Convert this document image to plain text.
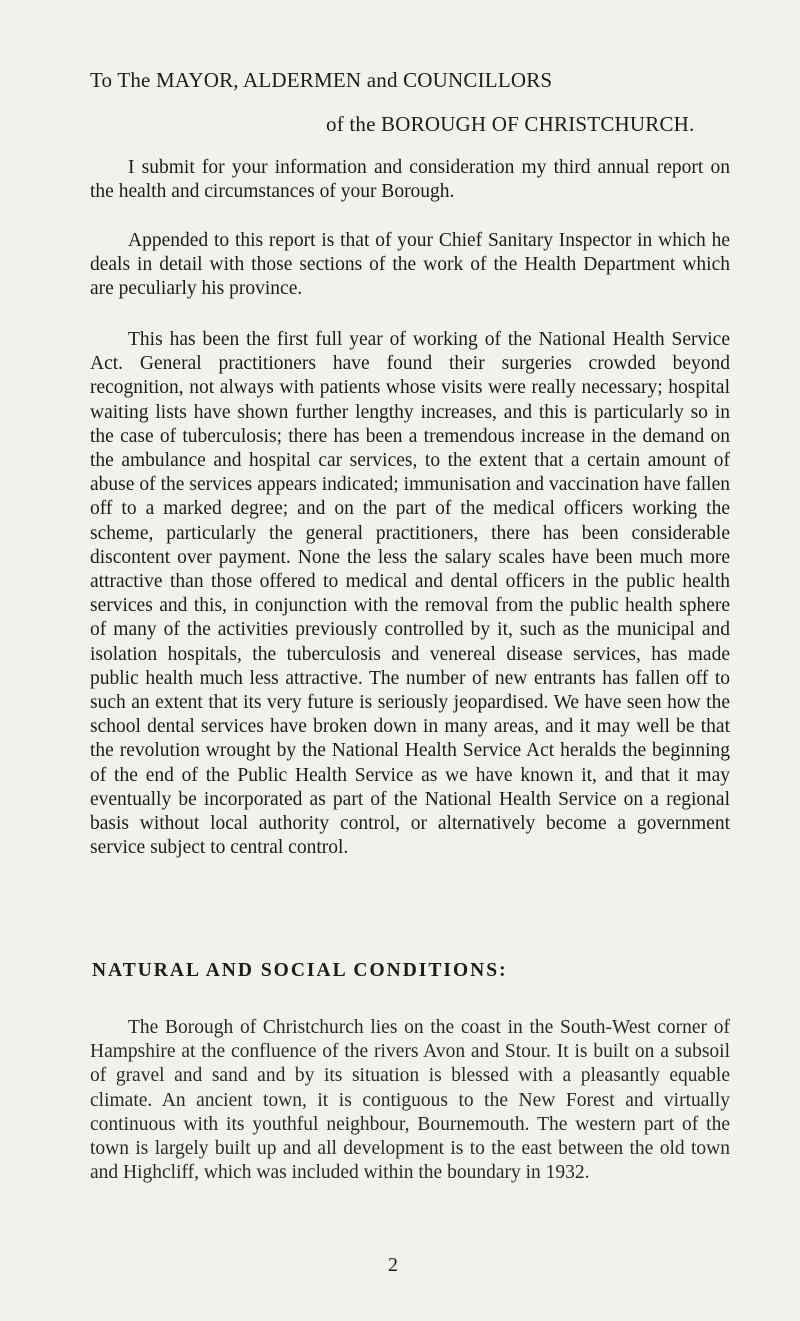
To The MAYOR, ALDERMEN and COUNCILLORS
of the BOROUGH OF CHRISTCHURCH.

I submit for your information and consideration my third annual report on the health and circumstances of your Borough.

Appended to this report is that of your Chief Sanitary Inspector in which he deals in detail with those sections of the work of the Health Department which are peculiarly his province.

This has been the first full year of working of the National Health Service Act. General practitioners have found their surgeries crowded beyond recognition, not always with patients whose visits were really necessary; hospital waiting lists have shown further lengthy increases, and this is particularly so in the case of tuberculosis; there has been a tremendous increase in the demand on the ambulance and hospital car services, to the extent that a certain amount of abuse of the services appears indicated; immunisation and vaccination have fallen off to a marked degree; and on the part of the medical officers working the scheme, particularly the general practitioners, there has been considerable discontent over payment. None the less the salary scales have been much more attractive than those offered to medical and dental officers in the public health services and this, in conjunction with the removal from the public health sphere of many of the activities previously controlled by it, such as the municipal and isolation hospitals, the tuberculosis and venereal disease services, has made public health much less attractive. The number of new entrants has fallen off to such an extent that its very future is seriously jeopardised. We have seen how the school dental services have broken down in many areas, and it may well be that the revolution wrought by the National Health Service Act heralds the beginning of the end of the Public Health Service as we have known it, and that it may eventually be incorporated as part of the National Health Service on a regional basis without local authority control, or alternatively become a government service subject to central control.

NATURAL AND SOCIAL CONDITIONS:

The Borough of Christchurch lies on the coast in the South-West corner of Hampshire at the confluence of the rivers Avon and Stour. It is built on a subsoil of gravel and sand and by its situation is blessed with a pleasantly equable climate. An ancient town, it is contiguous to the New Forest and virtually continuous with its youthful neighbour, Bournemouth. The western part of the town is largely built up and all development is to the east between the old town and Highcliff, which was included within the boundary in 1932.

2
